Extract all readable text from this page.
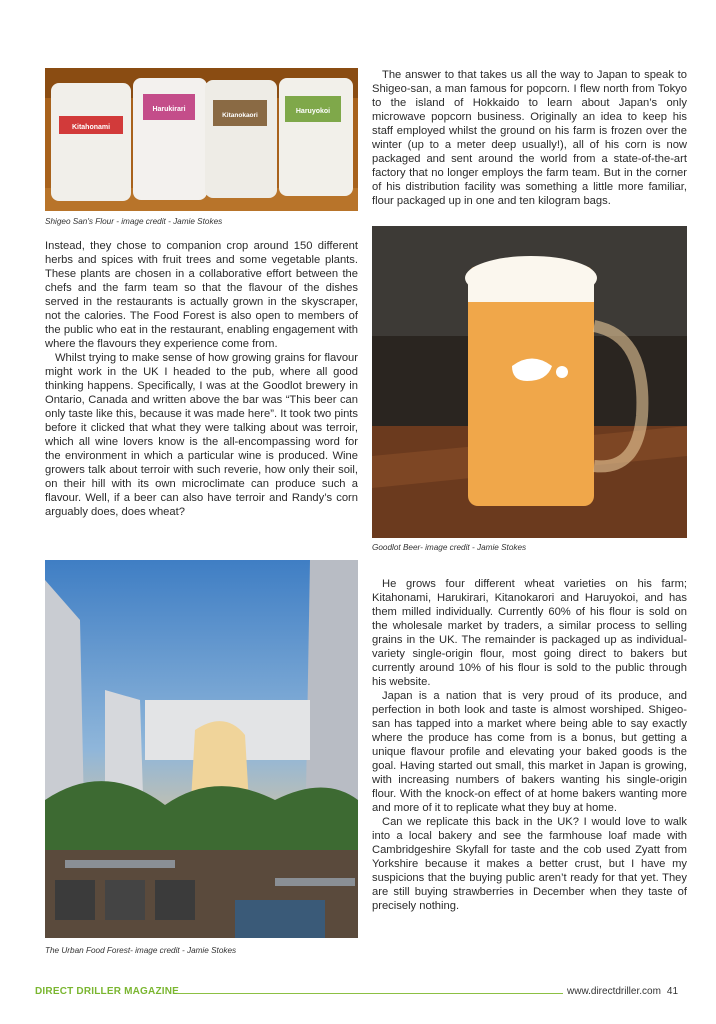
Kitahonami
Harukirari
Kitanokaori
Haruyokoi
Shigeo San's Flour - image credit - Jamie Stokes

Instead, they chose to companion crop around 150 different herbs and spices with fruit trees and some vegetable plants. These plants are chosen in a collaborative effort between the chefs and the farm team so that the flavour of the dishes served in the restaurants is actually grown in the skyscraper, not the calories. The Food Forest is also open to members of the public who eat in the restaurant, enabling engagement with where the flavours they experience come from.

Whilst trying to make sense of how growing grains for flavour might work in the UK I headed to the pub, where all good thinking happens. Specifically, I was at the Goodlot brewery in Ontario, Canada and written above the bar was “This beer can only taste like this, because it was made here”. It took two pints before it clicked that what they were talking about was terroir, which all wine lovers know is the all-encompassing word for the environment in which a particular wine is produced. Wine growers talk about terroir with such reverie, how only their soil, on their hill with its own microclimate can produce such a flavour. Well, if a beer can also have terroir and Randy’s corn arguably does, does wheat?

The Urban Food Forest- image credit - Jamie Stokes

The answer to that takes us all the way to Japan to speak to Shigeo-san, a man famous for popcorn. I flew north from Tokyo to the island of Hokkaido to learn about Japan’s only microwave popcorn business. Originally an idea to keep his staff employed whilst the ground on his farm is frozen over the winter (up to a meter deep usually!), all of his corn is now packaged and sent around the world from a state-of-the-art factory that no longer employs the farm team. But in the corner of his distribution facility was something a little more familiar, flour packaged up in one and ten kilogram bags.

Goodlot Beer- image credit - Jamie Stokes

He grows four different wheat varieties on his farm; Kitahonami, Harukirari, Kitanokarori and Haruyokoi, and has them milled individually. Currently 60% of his flour is sold on the wholesale market by traders, a similar process to selling grains in the UK. The remainder is packaged up as individual-variety single-origin flour, most going direct to bakers but currently around 10% of his flour is sold to the public through his website.

Japan is a nation that is very proud of its produce, and perfection in both look and taste is almost worshiped. Shigeo-san has tapped into a market where being able to say exactly where the produce has come from is a bonus, but getting a unique flavour profile and elevating your baked goods is the goal. Having started out small, this market in Japan is growing, with increasing numbers of bakers wanting his single-origin flour. With the knock-on effect of at home bakers wanting more and more of it to replicate what they buy at home.

Can we replicate this back in the UK? I would love to walk into a local bakery and see the farmhouse loaf made with Cambridgeshire Skyfall for taste and the cob used Zyatt from Yorkshire because it makes a better crust, but I have my suspicions that the buying public aren’t ready for that yet. They are still buying strawberries in December when they taste of precisely nothing.

DIRECT DRILLER MAGAZINE	www.directdriller.com 41
